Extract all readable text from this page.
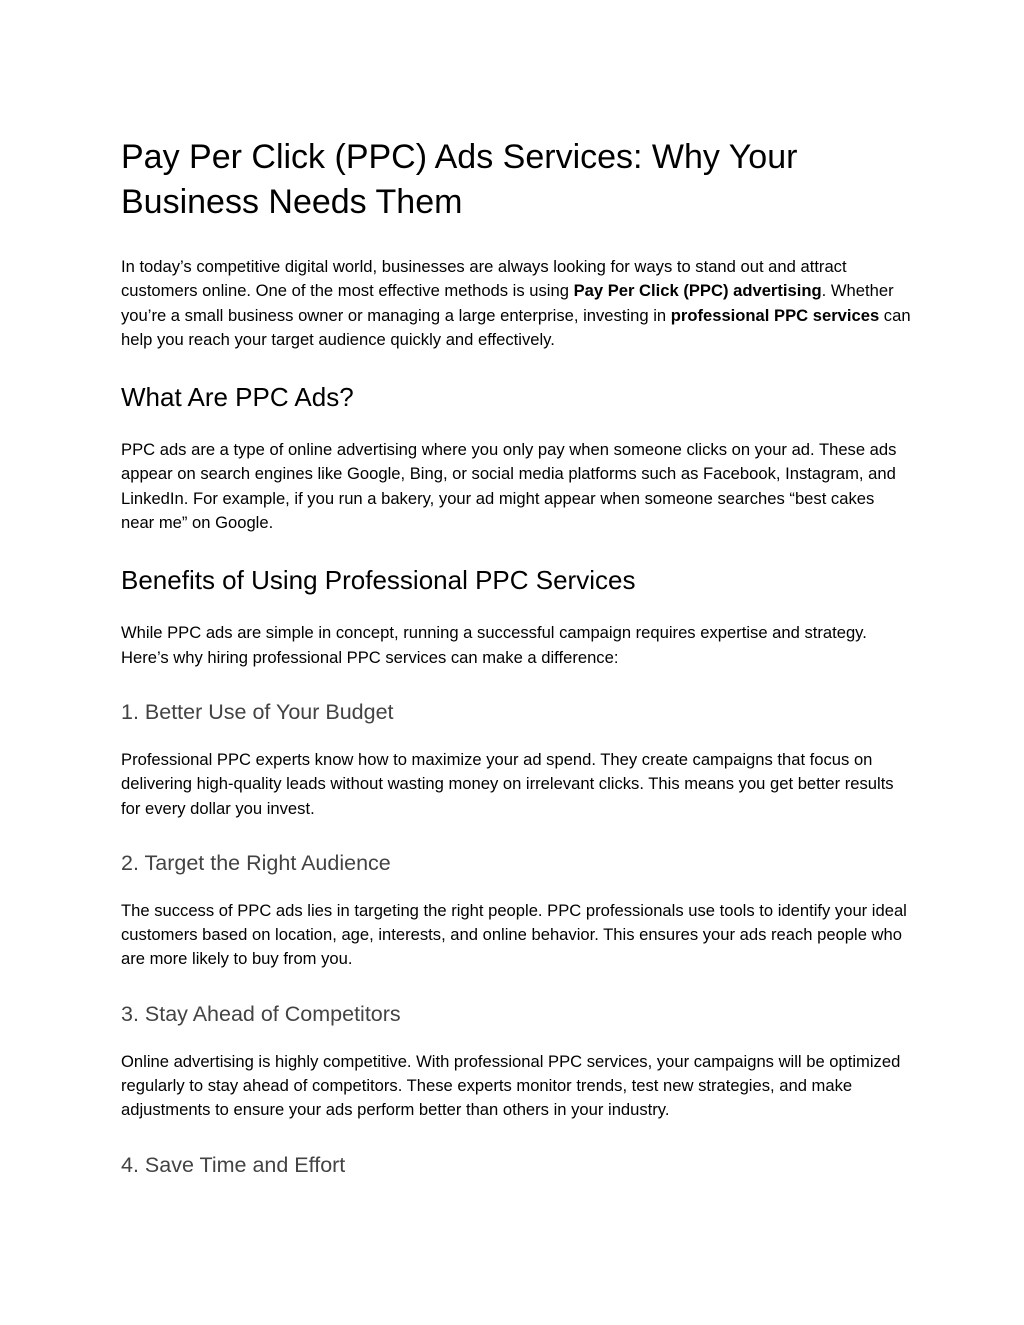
Pay Per Click (PPC) Ads Services: Why Your Business Needs Them

In today’s competitive digital world, businesses are always looking for ways to stand out and attract customers online. One of the most effective methods is using Pay Per Click (PPC) advertising. Whether you’re a small business owner or managing a large enterprise, investing in professional PPC services can help you reach your target audience quickly and effectively.

What Are PPC Ads?

PPC ads are a type of online advertising where you only pay when someone clicks on your ad. These ads appear on search engines like Google, Bing, or social media platforms such as Facebook, Instagram, and LinkedIn. For example, if you run a bakery, your ad might appear when someone searches “best cakes near me” on Google.

Benefits of Using Professional PPC Services

While PPC ads are simple in concept, running a successful campaign requires expertise and strategy. Here’s why hiring professional PPC services can make a difference:

1. Better Use of Your Budget

Professional PPC experts know how to maximize your ad spend. They create campaigns that focus on delivering high-quality leads without wasting money on irrelevant clicks. This means you get better results for every dollar you invest.

2. Target the Right Audience

The success of PPC ads lies in targeting the right people. PPC professionals use tools to identify your ideal customers based on location, age, interests, and online behavior. This ensures your ads reach people who are more likely to buy from you.

3. Stay Ahead of Competitors

Online advertising is highly competitive. With professional PPC services, your campaigns will be optimized regularly to stay ahead of competitors. These experts monitor trends, test new strategies, and make adjustments to ensure your ads perform better than others in your industry.

4. Save Time and Effort
